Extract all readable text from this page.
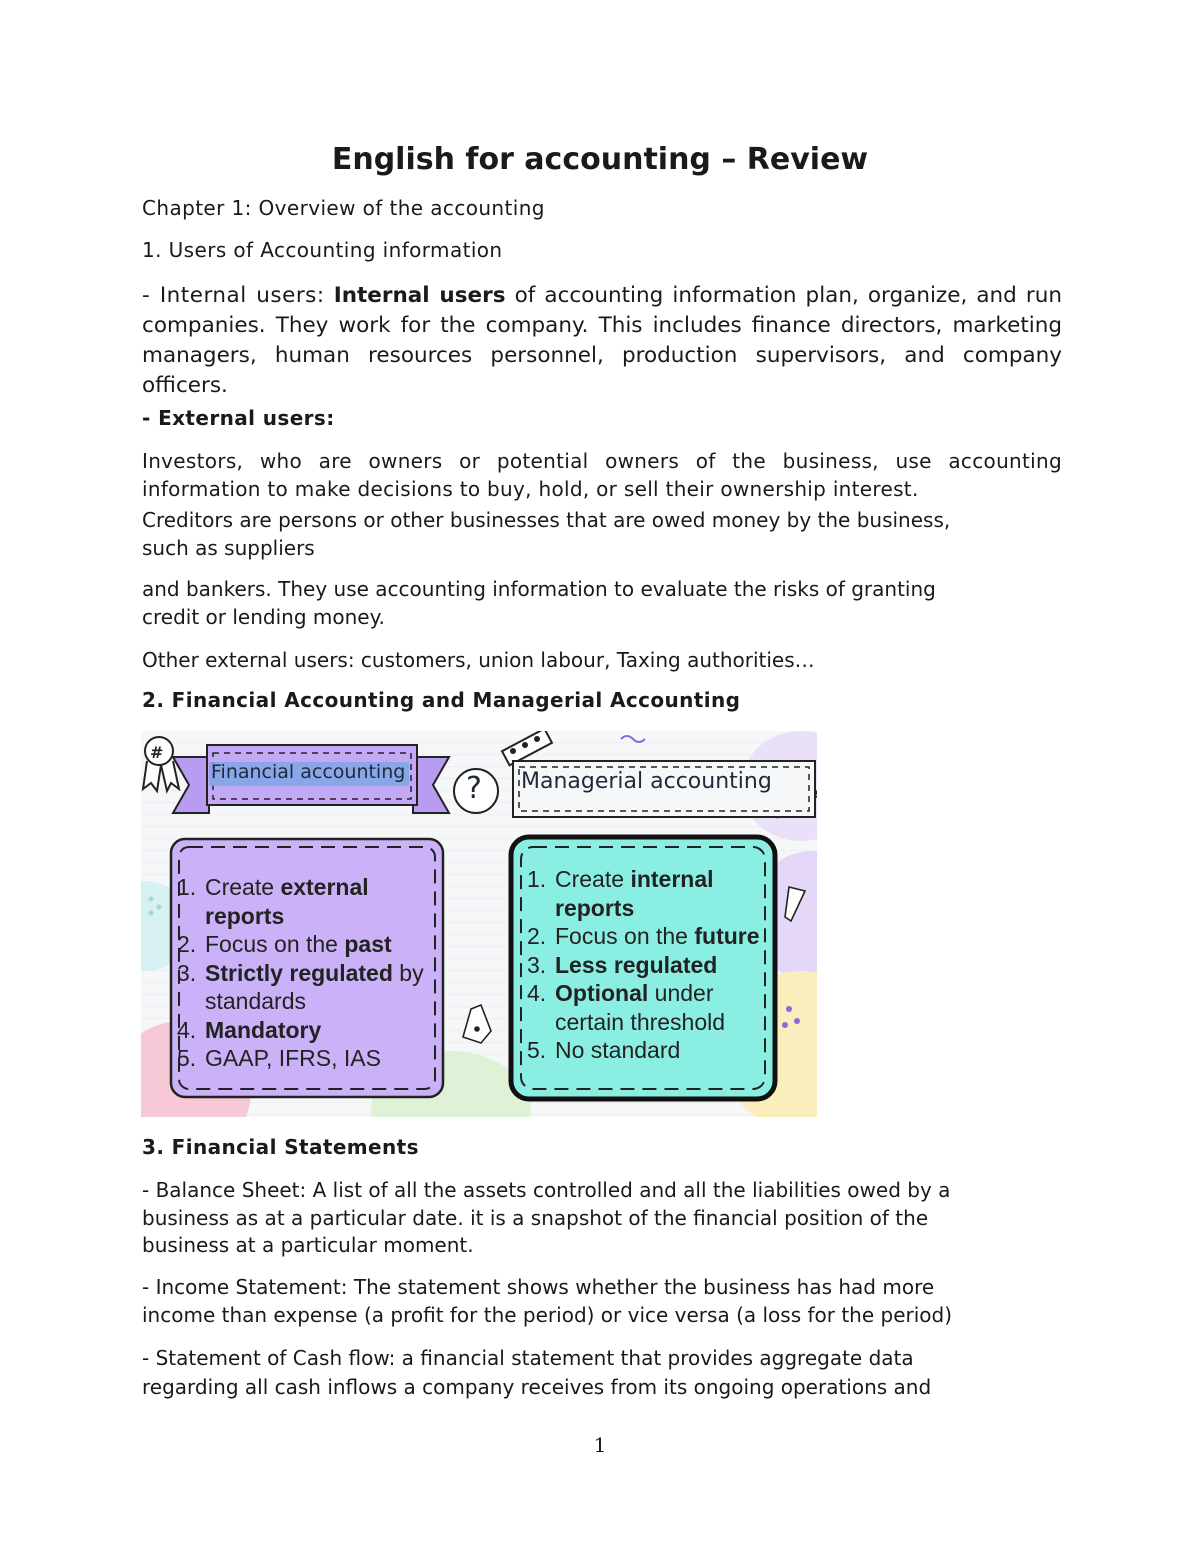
English for accounting – Review
Chapter 1: Overview of the accounting
1. Users of Accounting information
- Internal users: Internal users of accounting information plan, organize, and run companies. They work for the company. This includes finance directors, marketing managers, human resources personnel, production supervisors, and company officers.
- External users:
Investors, who are owners or potential owners of the business, use accounting information to make decisions to buy, hold, or sell their ownership interest.
Creditors are persons or other businesses that are owed money by the business,
such as suppliers
and bankers. They use accounting information to evaluate the risks of granting
credit or lending money.
Other external users: customers, union labour, Taxing authorities…
2. Financial Accounting and Managerial Accounting
#
Financial accounting ? Managerial accounting
1. Create external
reports
2. Focus on the past
3. Strictly regulated by
standards
4. Mandatory
5. GAAP, IFRS, IAS
1. Create internal
reports
2. Focus on the future
3. Less regulated
4. Optional under
certain threshold
5. No standard
3. Financial Statements
- Balance Sheet: A list of all the assets controlled and all the liabilities owed by a
business as at a particular date. it is a snapshot of the financial position of the
business at a particular moment.
- Income Statement: The statement shows whether the business has had more
income than expense (a profit for the period) or vice versa (a loss for the period)
- Statement of Cash flow: a financial statement that provides aggregate data
regarding all cash inflows a company receives from its ongoing operations and
1
